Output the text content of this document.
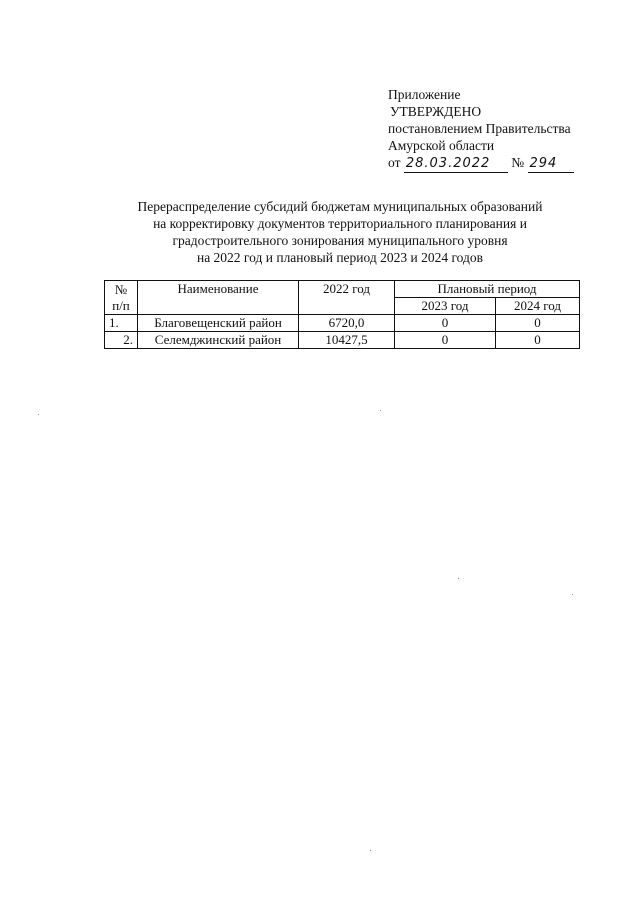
Приложение
УТВЕРЖДЕНО
постановлением Правительства
Амурской области
от 28.03.2022 № 294
Перераспределение субсидий бюджетам муниципальных образований
на корректировку документов территориального планирования и
градостроительного зонирования муниципального уровня
на 2022 год и плановый период 2023 и 2024 годов
№
п/п	Наименование	2022 год	Плановый период	
			2023 год	2024 год
1.	Благовещенский район	6720,0	0	0
2.	Селемджинский район	10427,5	0	0
